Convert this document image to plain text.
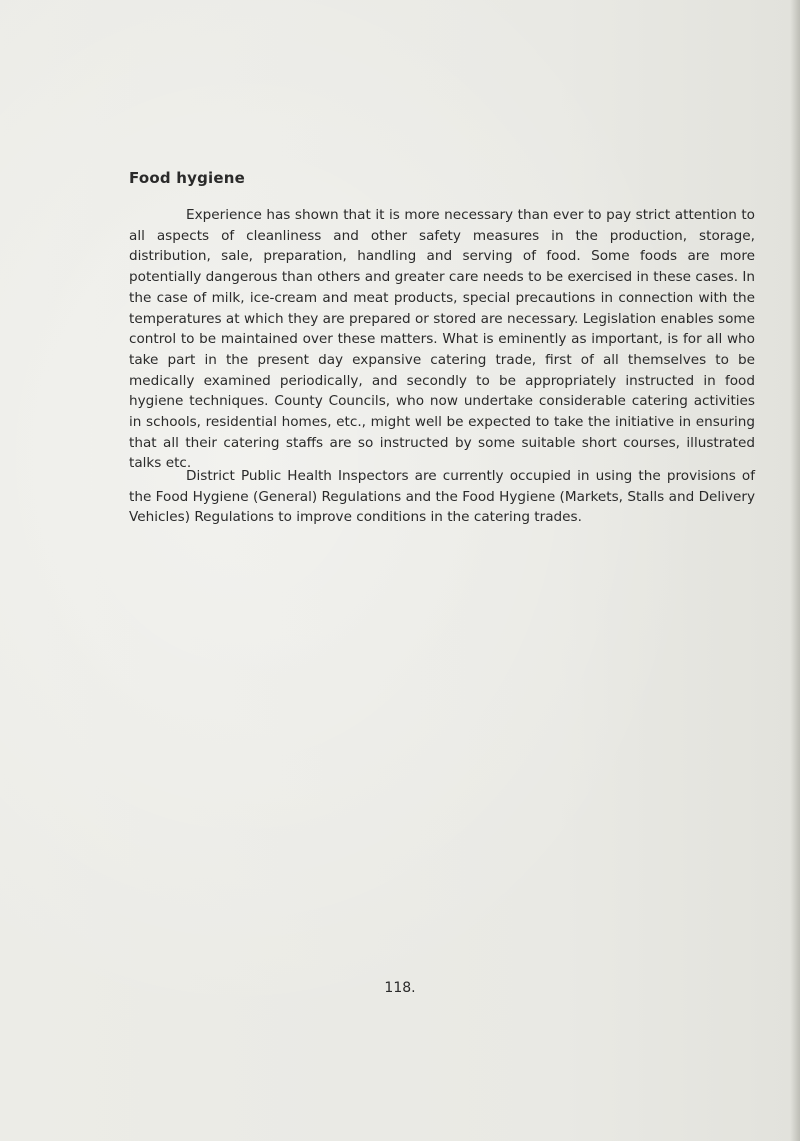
Food hygiene

Experience has shown that it is more necessary than ever to pay strict attention to all aspects of cleanliness and other safety measures in the production, storage, distribution, sale, preparation, handling and serving of food. Some foods are more potentially dangerous than others and greater care needs to be exercised in these cases. In the case of milk, ice-cream and meat products, special precautions in connection with the temperatures at which they are prepared or stored are necessary. Legislation enables some control to be maintained over these matters. What is eminently as important, is for all who take part in the present day expansive catering trade, first of all themselves to be medically examined periodically, and secondly to be appropriately instructed in food hygiene techniques. County Councils, who now undertake considerable catering activities in schools, residential homes, etc., might well be expected to take the initiative in ensuring that all their catering staffs are so instructed by some suitable short courses, illustrated talks etc.

District Public Health Inspectors are currently occupied in using the provisions of the Food Hygiene (General) Regulations and the Food Hygiene (Markets, Stalls and Delivery Vehicles) Regulations to improve conditions in the catering trades.

118.
